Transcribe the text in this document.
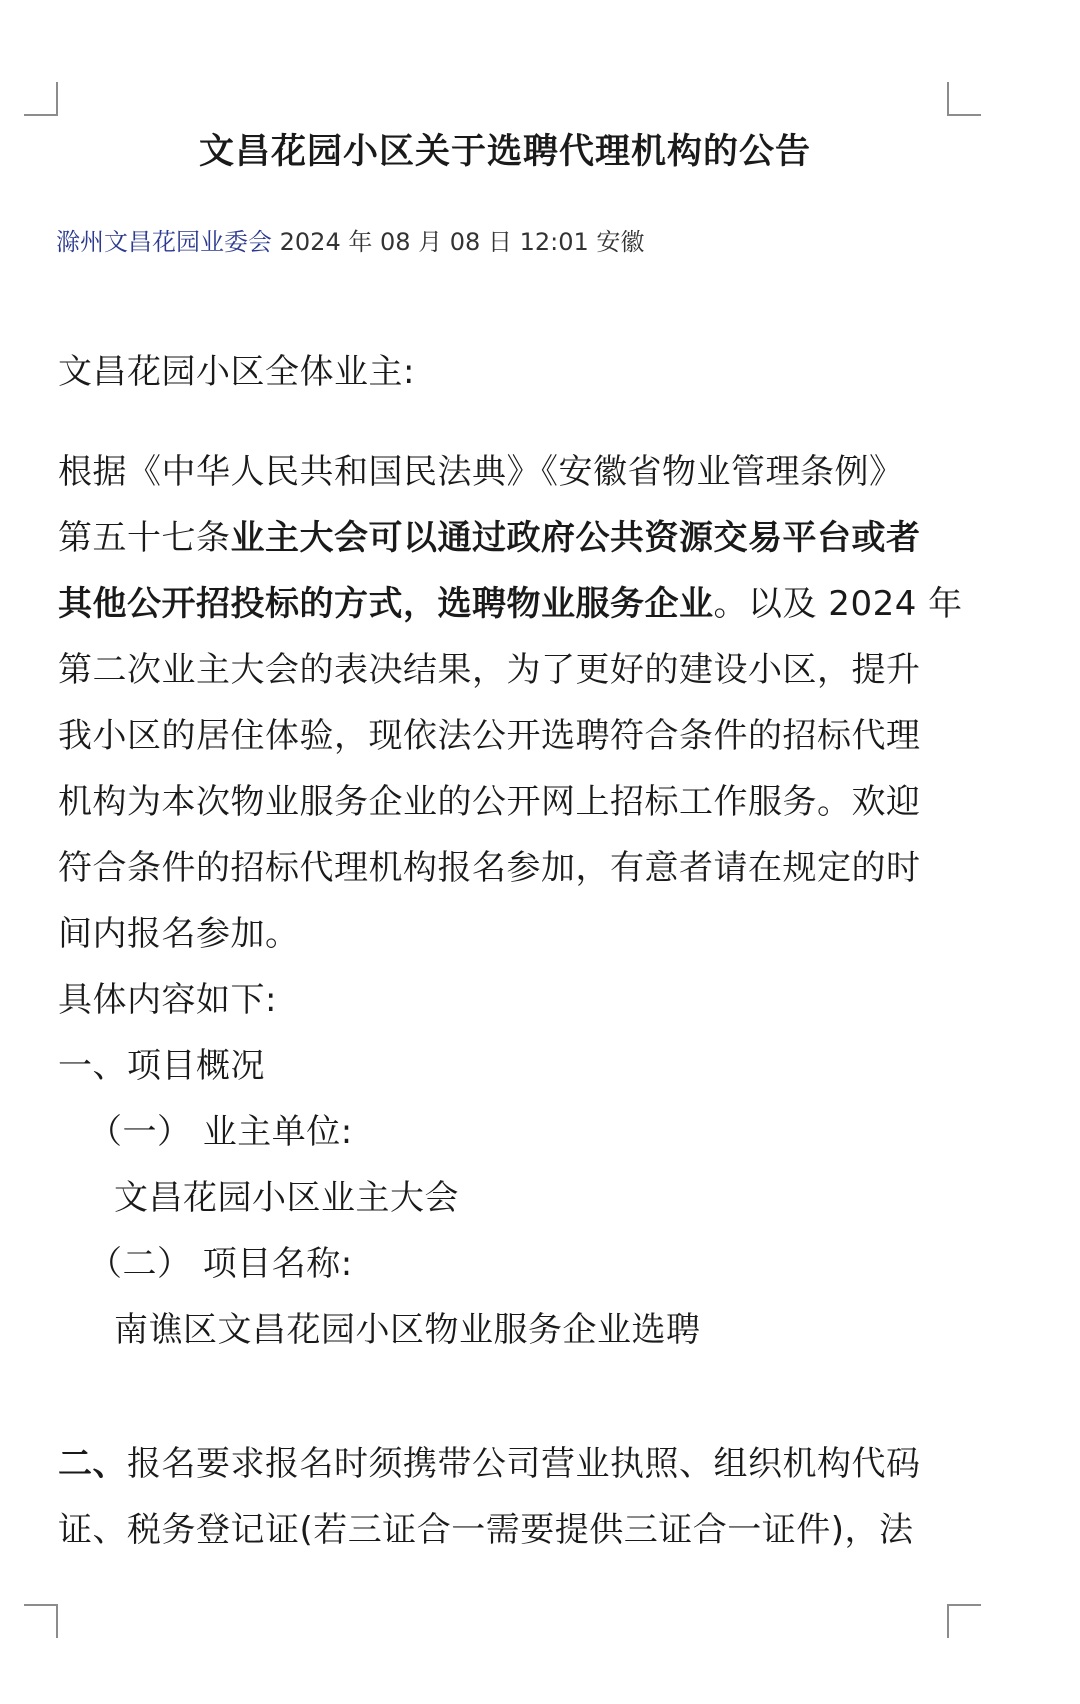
文昌花园小区关于选聘代理机构的公告
滁州文昌花园业委会 2024 年 08 月 08 日 12:01 安徽
文昌花园小区全体业主:
根据《中华人民共和国民法典》《安徽省物业管理条例》
第五十七条业主大会可以通过政府公共资源交易平台或者
其他公开招投标的方式，选聘物业服务企业。以及 2024 年
第二次业主大会的表决结果，为了更好的建设小区，提升
我小区的居住体验，现依法公开选聘符合条件的招标代理
机构为本次物业服务企业的公开网上招标工作服务。欢迎
符合条件的招标代理机构报名参加，有意者请在规定的时
间内报名参加。
具体内容如下:
一、项目概况
（一） 业主单位:
文昌花园小区业主大会
（二） 项目名称:
南谯区文昌花园小区物业服务企业选聘
二、报名要求报名时须携带公司营业执照、组织机构代码
证、税务登记证(若三证合一需要提供三证合一证件)，法
